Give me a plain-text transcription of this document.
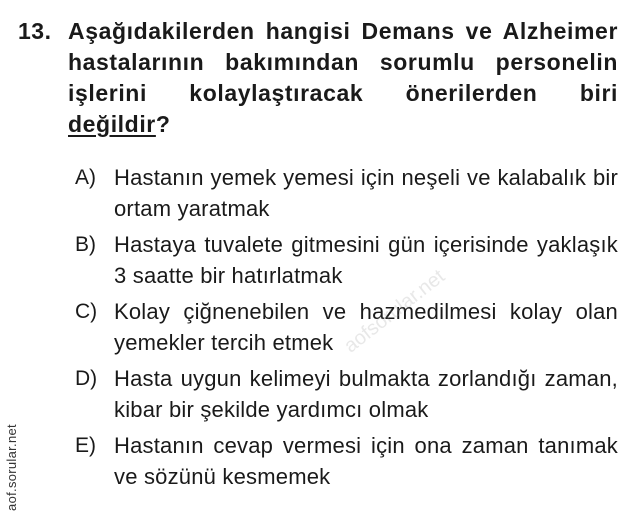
13. Aşağıdakilerden hangisi Demans ve Alzheimer hastalarının bakımından sorumlu personelin işlerini kolaylaştıracak önerilerden biri değildir?
A) Hastanın yemek yemesi için neşeli ve kalabalık bir ortam yaratmak
B) Hastaya tuvalete gitmesini gün içerisinde yaklaşık 3 saatte bir hatırlatmak
C) Kolay çiğnenebilen ve hazmedilmesi kolay olan yemekler tercih etmek
D) Hasta uygun kelimeyi bulmakta zorlandığı zaman, kibar bir şekilde yardımcı olmak
E) Hastanın cevap vermesi için ona zaman tanımak ve sözünü kesmemek
aofsorular.net
aof.sorular.net
